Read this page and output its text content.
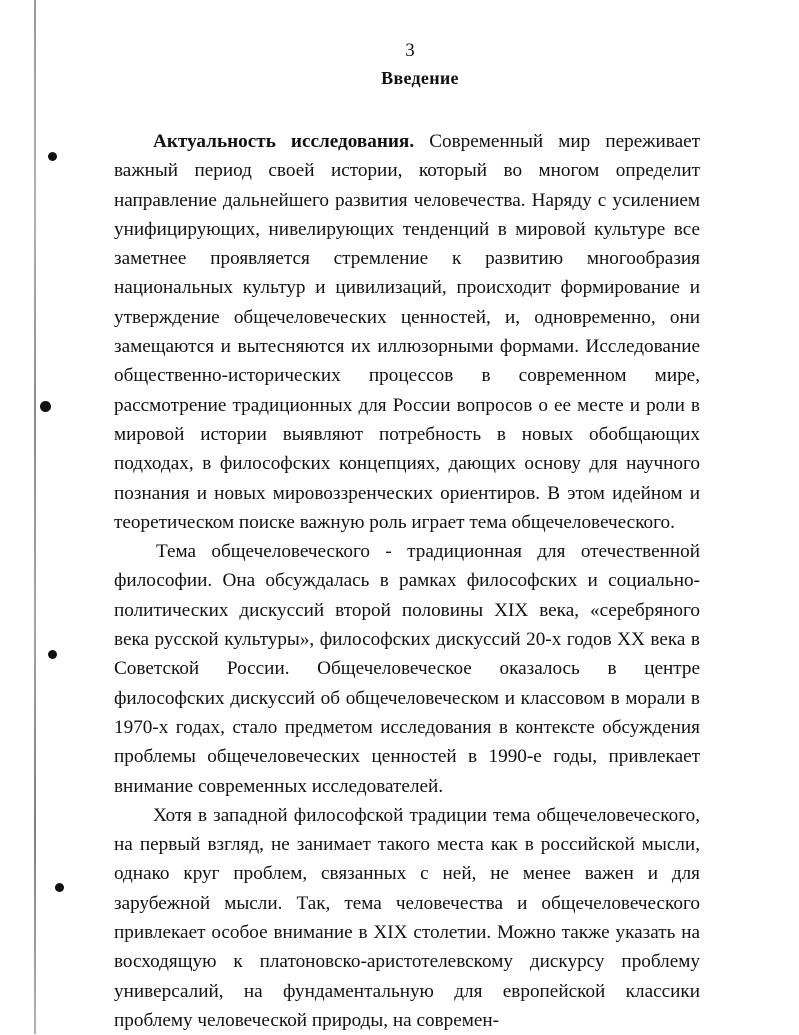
3
Введение

Актуальность исследования. Современный мир переживает важный период своей истории, который во многом определит направление дальнейшего развития человечества. Наряду с усилением унифицирующих, нивелирующих тенденций в мировой культуре все заметнее проявляется стремление к развитию многообразия национальных культур и цивилизаций, происходит формирование и утверждение общечеловеческих ценностей, и, одновременно, они замещаются и вытесняются их иллюзорными формами. Исследование общественно-исторических процессов в современном мире, рассмотрение традиционных для России вопросов о ее месте и роли в мировой истории выявляют потребность в новых обобщающих подходах, в философских концепциях, дающих основу для научного познания и новых мировоззренческих ориентиров. В этом идейном и теоретическом поиске важную роль играет тема общечеловеческого.

Тема общечеловеческого - традиционная для отечественной философии. Она обсуждалась в рамках философских и социально-политических дискуссий второй половины XIX века, «серебряного века русской культуры», философских дискуссий 20-х годов XX века в Советской России. Общечеловеческое оказалось в центре философских дискуссий об общечеловеческом и классовом в морали в 1970-х годах, стало предметом исследования в контексте обсуждения проблемы общечеловеческих ценностей в 1990-е годы, привлекает внимание современных исследователей.

Хотя в западной философской традиции тема общечеловеческого, на первый взгляд, не занимает такого места как в российской мысли, однако круг проблем, связанных с ней, не менее важен и для зарубежной мысли. Так, тема человечества и общечеловеческого привлекает особое внимание в XIX столетии. Можно также указать на восходящую к платоновско-аристотелевскому дискурсу проблему универсалий, на фундаментальную для европейской классики проблему человеческой природы, на современ-
